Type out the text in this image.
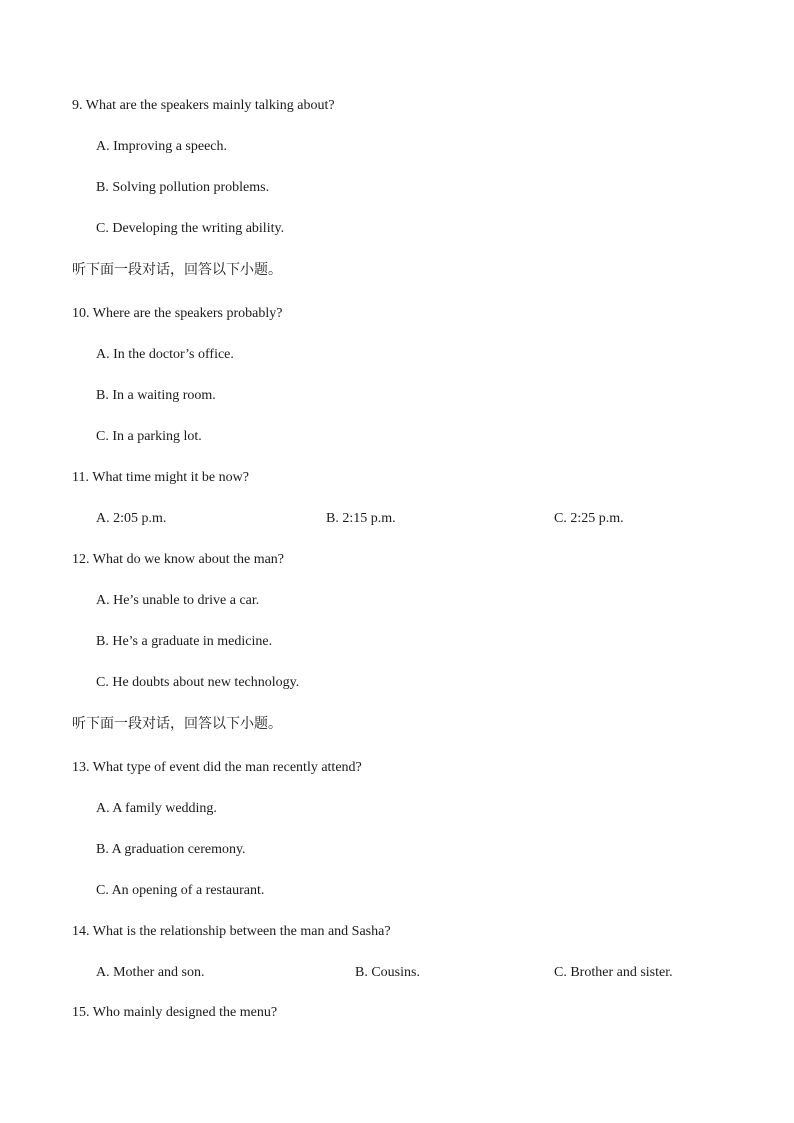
9. What are the speakers mainly talking about?
A. Improving a speech.
B. Solving pollution problems.
C. Developing the writing ability.
听下面一段对话，回答以下小题。
10. Where are the speakers probably?
A. In the doctor’s office.
B. In a waiting room.
C. In a parking lot.
11. What time might it be now?
A. 2:05 p.m.	B. 2:15 p.m.	C. 2:25 p.m.
12. What do we know about the man?
A. He’s unable to drive a car.
B. He’s a graduate in medicine.
C. He doubts about new technology.
听下面一段对话，回答以下小题。
13. What type of event did the man recently attend?
A. A family wedding.
B. A graduation ceremony.
C. An opening of a restaurant.
14. What is the relationship between the man and Sasha?
A. Mother and son.	B. Cousins.	C. Brother and sister.
15. Who mainly designed the menu?
